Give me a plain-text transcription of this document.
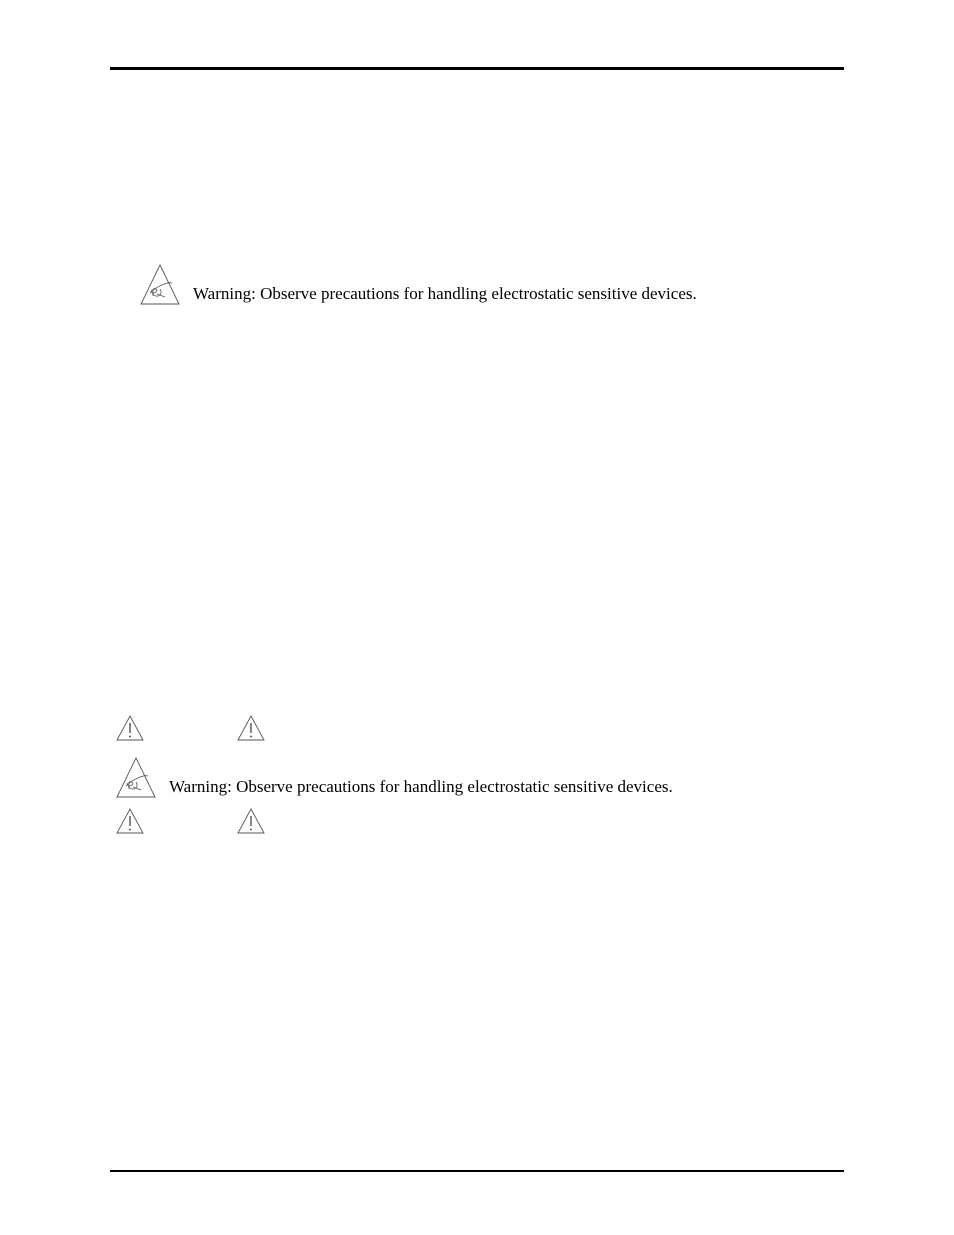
Warning: Observe precautions for handling electrostatic sensitive devices.
Warning: Observe precautions for handling electrostatic sensitive devices.
